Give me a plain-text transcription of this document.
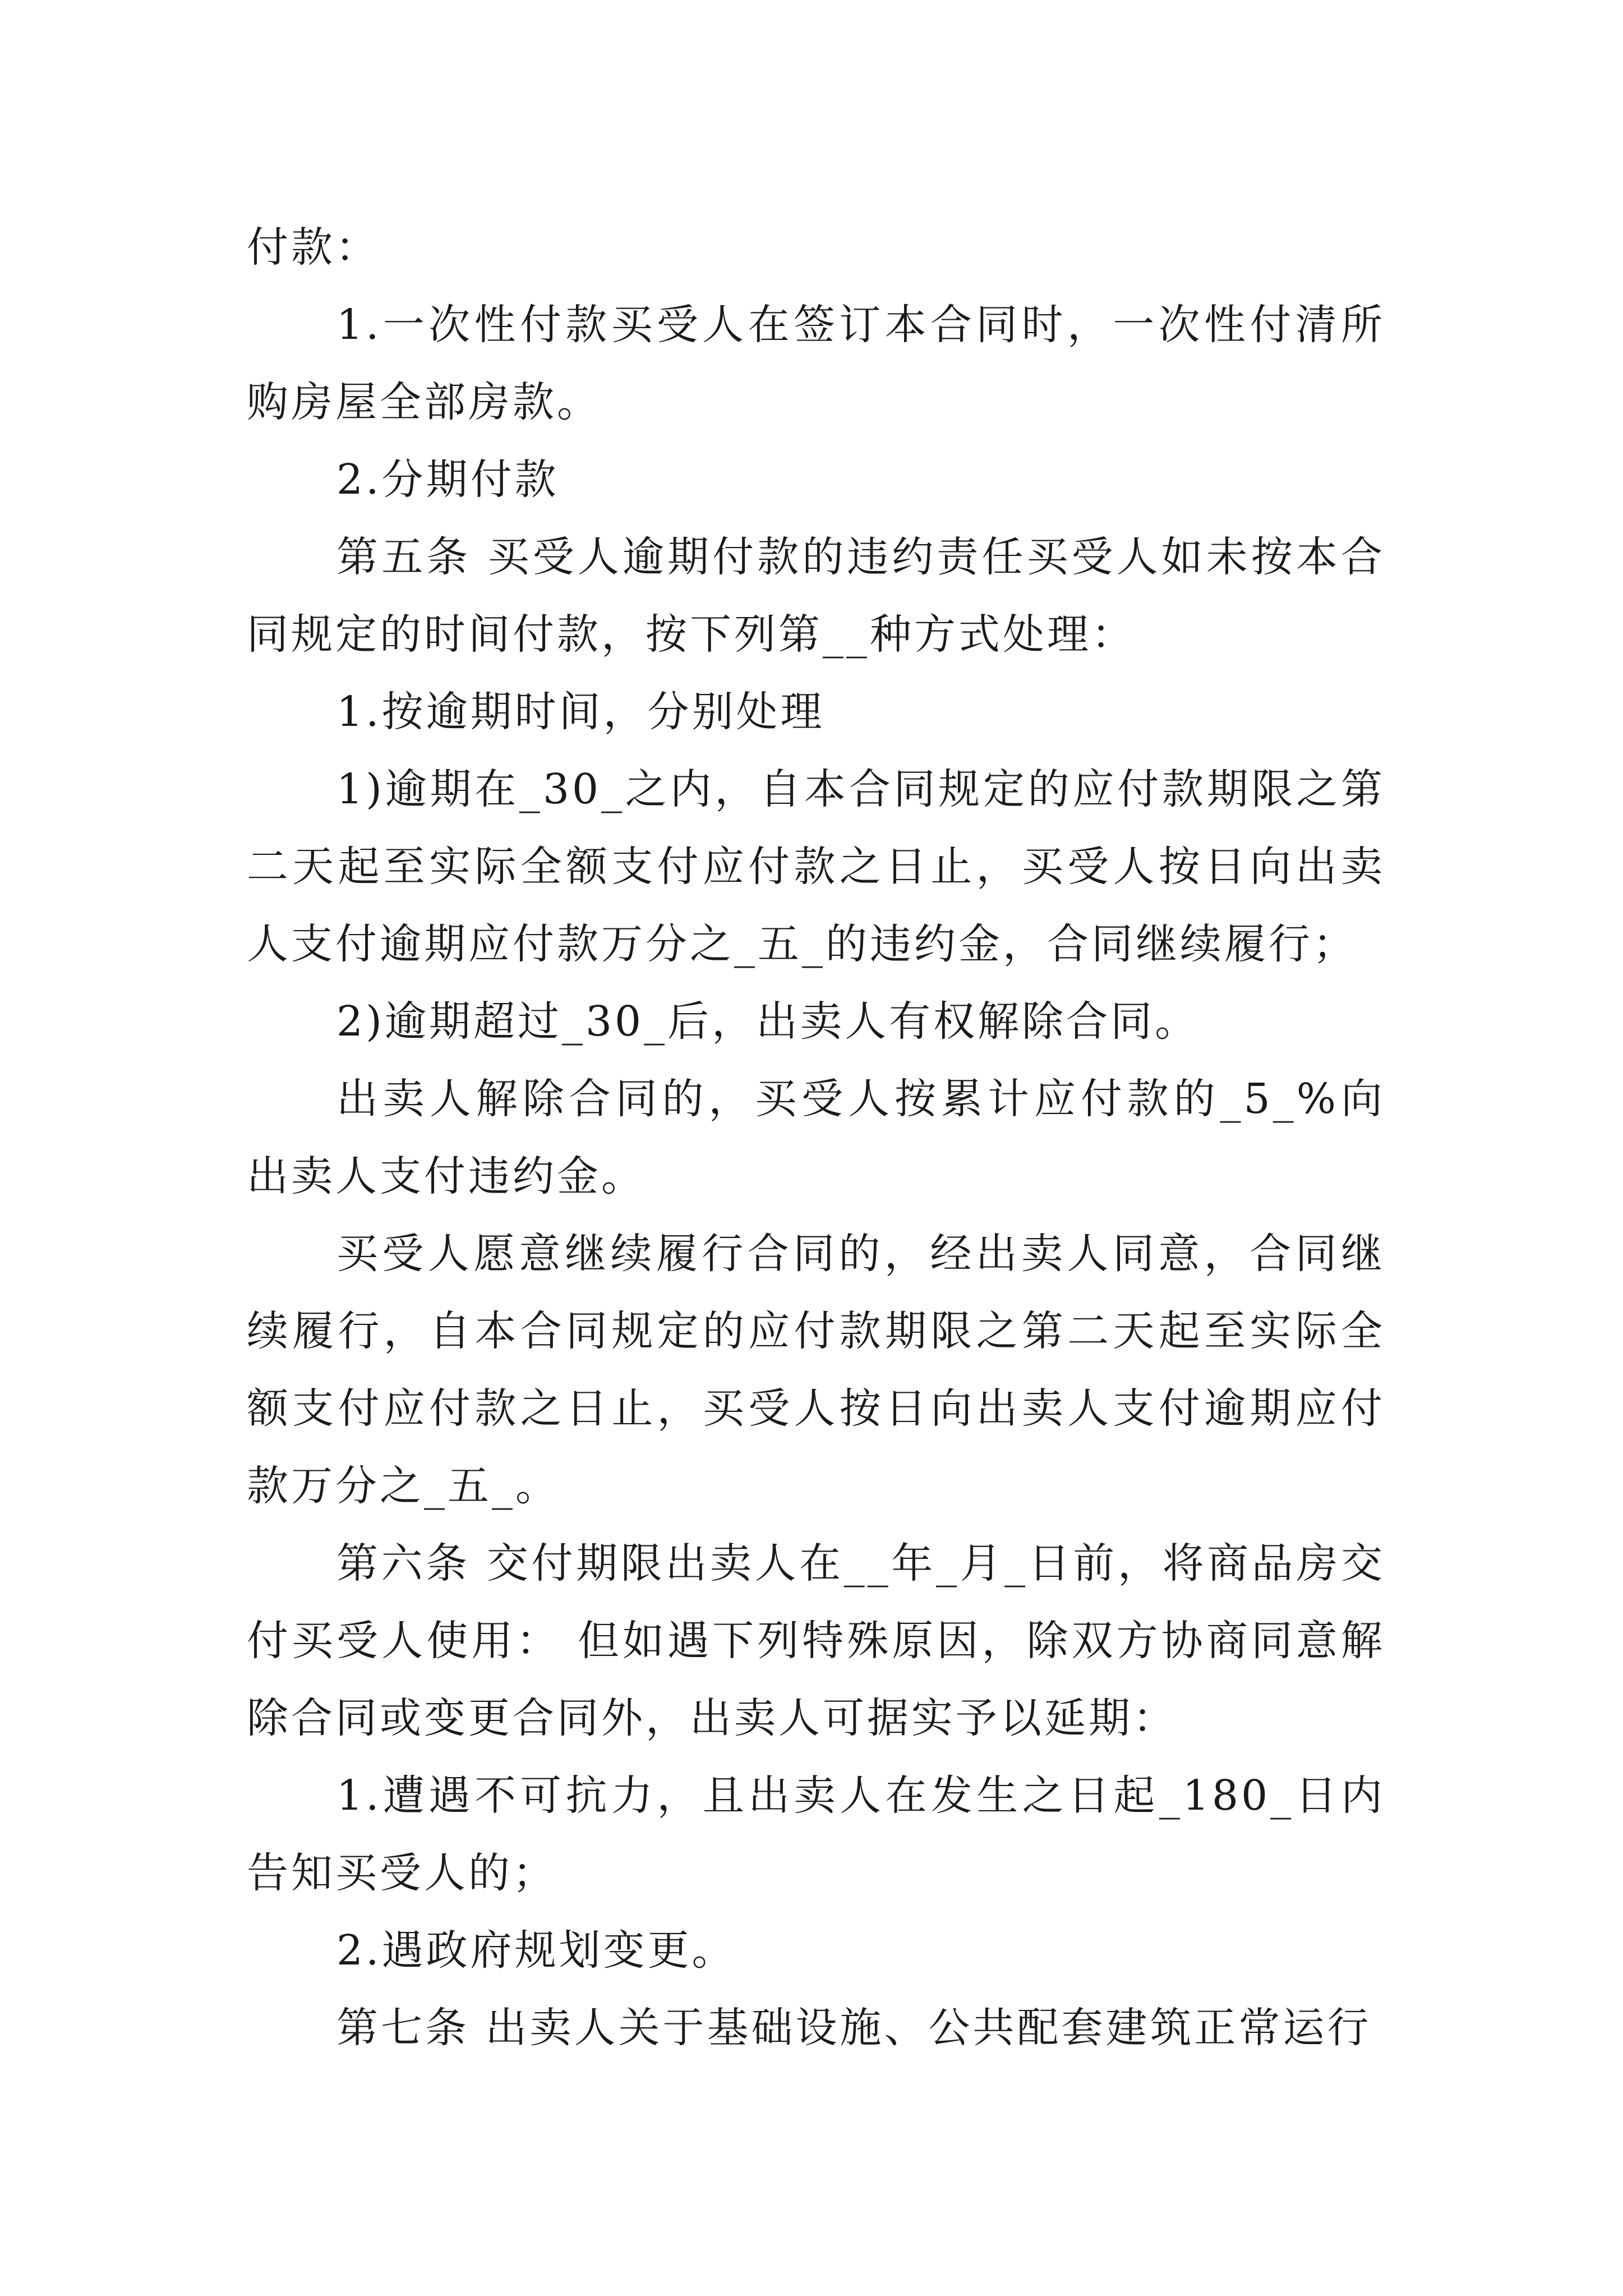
付款：

1.一次性付款买受人在签订本合同时，一次性付清所购房屋全部房款。

2.分期付款

第五条 买受人逾期付款的违约责任买受人如未按本合同规定的时间付款，按下列第__种方式处理：

1.按逾期时间，分别处理

1)逾期在_30_之内，自本合同规定的应付款期限之第二天起至实际全额支付应付款之日止，买受人按日向出卖人支付逾期应付款万分之_五_的违约金，合同继续履行；

2)逾期超过_30_后，出卖人有权解除合同。

出卖人解除合同的，买受人按累计应付款的_5_%向出卖人支付违约金。

买受人愿意继续履行合同的，经出卖人同意，合同继续履行，自本合同规定的应付款期限之第二天起至实际全额支付应付款之日止，买受人按日向出卖人支付逾期应付款万分之_五_。

第六条 交付期限出卖人在__年_月_日前，将商品房交付买受人使用： 但如遇下列特殊原因，除双方协商同意解除合同或变更合同外，出卖人可据实予以延期：

1.遭遇不可抗力，且出卖人在发生之日起_180_日内告知买受人的；

2.遇政府规划变更。

第七条 出卖人关于基础设施、公共配套建筑正常运行
